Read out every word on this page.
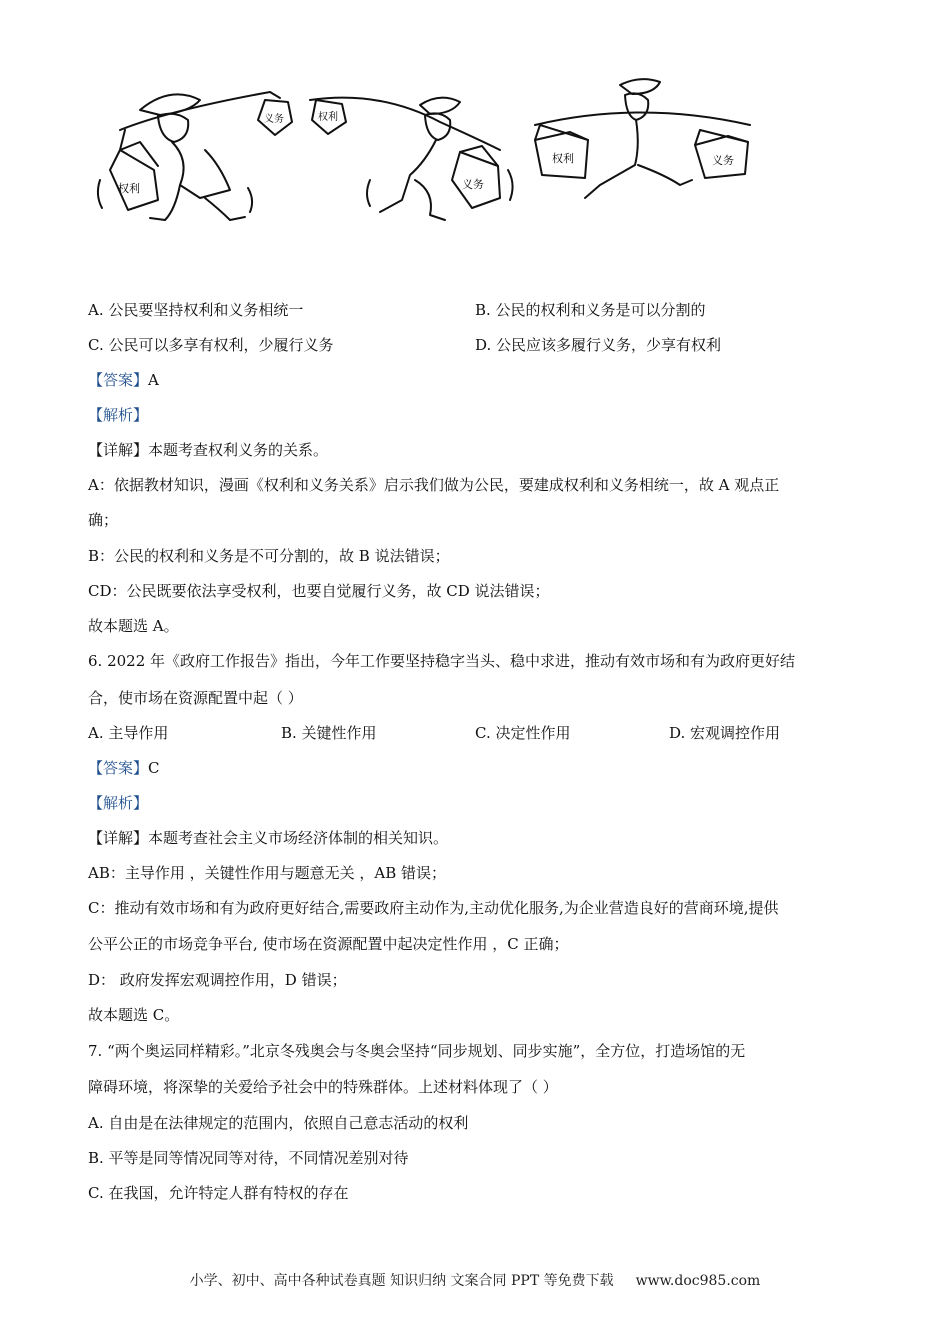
权利
义务	权利
义务
权利	义务
A. 公民要坚持权利和义务相统一	B. 公民的权利和义务是可以分割的
C. 公民可以多享有权利，少履行义务	D. 公民应该多履行义务，少享有权利
【答案】A
【解析】
【详解】本题考查权利义务的关系。
A：依据教材知识，漫画《权利和义务关系》启示我们做为公民，要建成权利和义务相统一，故 A 观点正
确；
B：公民的权利和义务是不可分割的，故 B 说法错误；
CD：公民既要依法享受权利，也要自觉履行义务，故 CD 说法错误；
故本题选 A。
6. 2022 年《政府工作报告》指出，今年工作要坚持稳字当头、稳中求进，推动有效市场和有为政府更好结
合，使市场在资源配置中起（ ）
A. 主导作用	B. 关键性作用	C. 决定性作用	D. 宏观调控作用
【答案】C
【解析】
【详解】本题考查社会主义市场经济体制的相关知识。
AB：主导作用 ，关键性作用与题意无关 ，AB 错误；
C：推动有效市场和有为政府更好结合,需要政府主动作为,主动优化服务,为企业营造良好的营商环境,提供
公平公正的市场竞争平台, 使市场在资源配置中起决定性作用 ，C 正确；
D： 政府发挥宏观调控作用，D 错误；
故本题选 C。
7. “两个奥运同样精彩。”北京冬残奥会与冬奥会坚持“同步规划、同步实施”，全方位，打造场馆的无
障碍环境，将深挚的关爱给予社会中的特殊群体。上述材料体现了（ ）
A. 自由是在法律规定的范围内，依照自己意志活动的权利
B. 平等是同等情况同等对待，不同情况差别对待
C. 在我国，允许特定人群有特权的存在
小学、初中、高中各种试卷真题 知识归纳 文案合同 PPT 等免费下载 www.doc985.com
